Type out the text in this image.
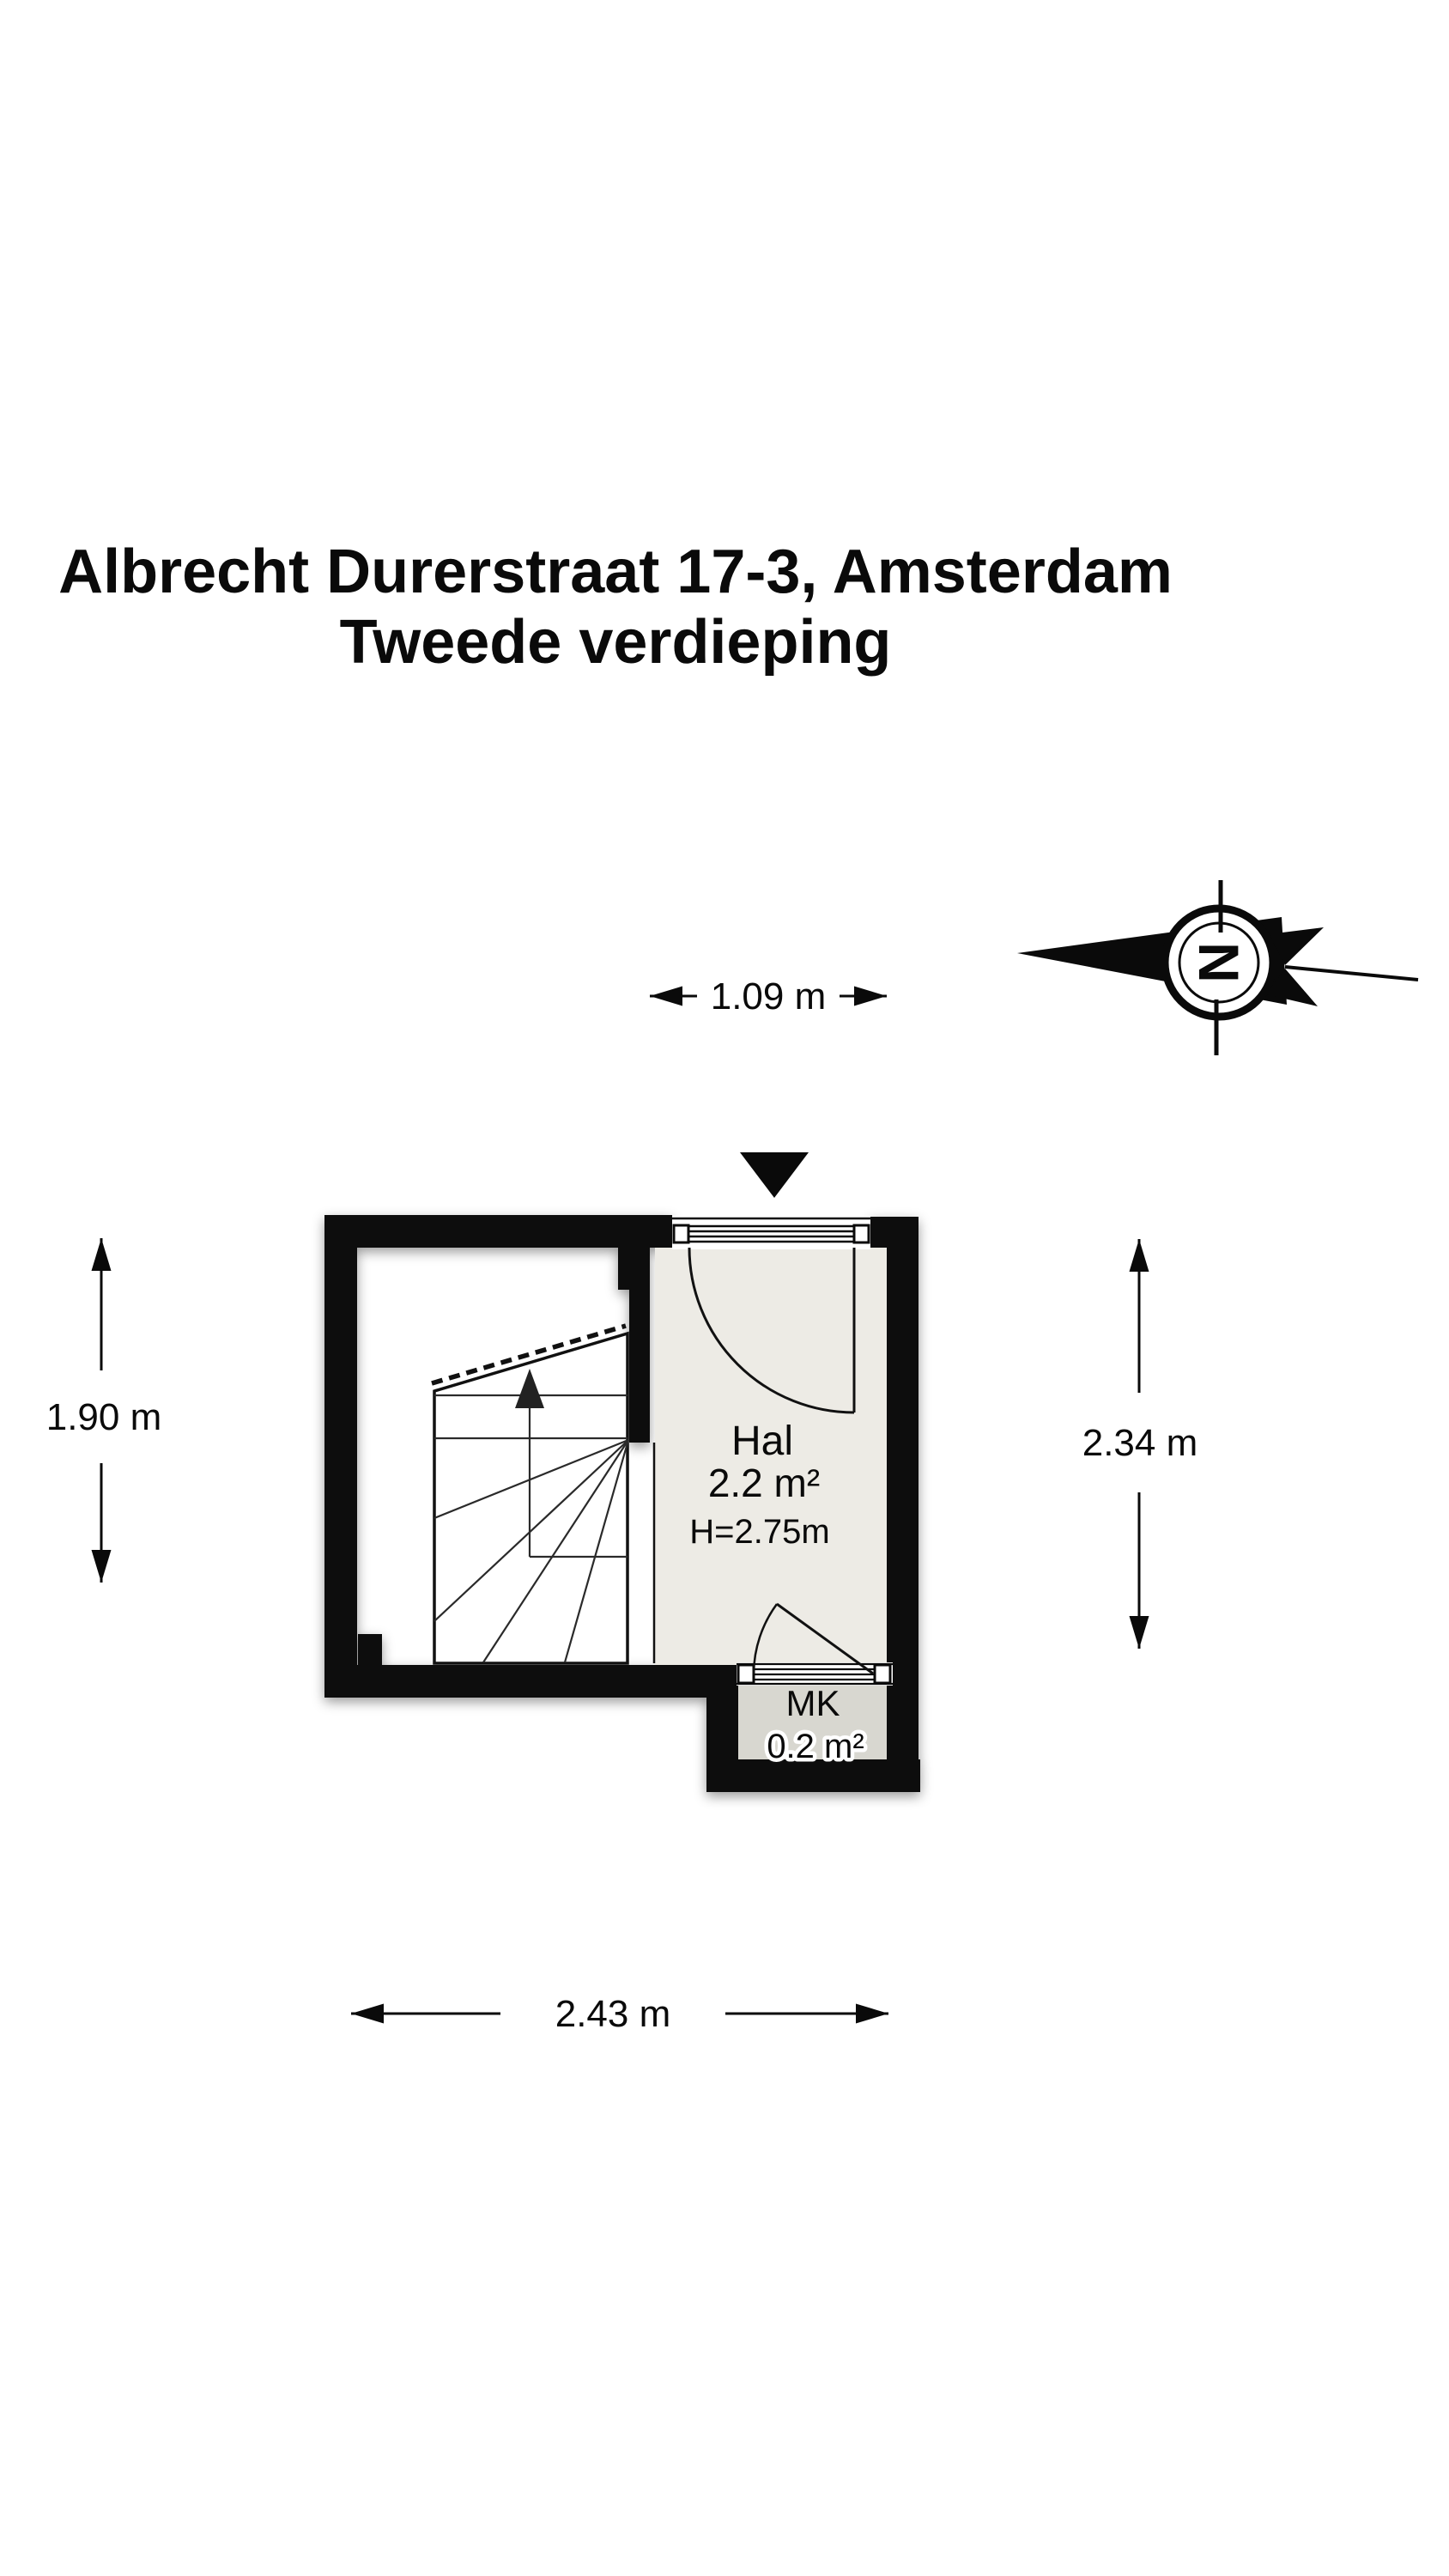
Albrecht Durerstraat 17-3, Amsterdam
Tweede verdieping
N
Hal
2.2 m²
H=2.75m
MK
0.2 m²
1.09 m
1.90 m
2.34 m
2.43 m
